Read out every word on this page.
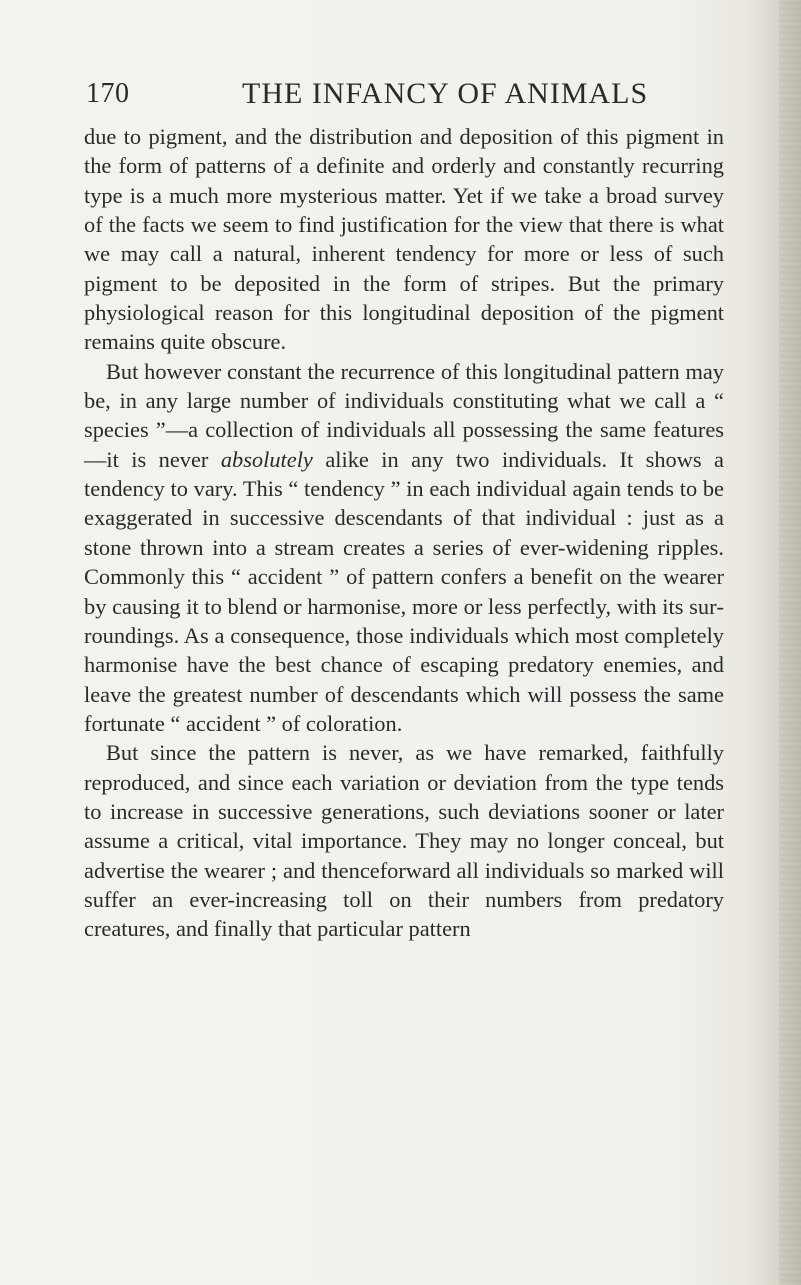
170	THE INFANCY OF ANIMALS

due to pigment, and the distribution and deposition of this pigment in the form of patterns of a definite and orderly and constantly recurring type is a much more mysterious matter. Yet if we take a broad survey of the facts we seem to find justification for the view that there is what we may call a natural, inherent tendency for more or less of such pigment to be deposited in the form of stripes. But the primary physiological reason for this longitudinal deposition of the pigment remains quite obscure.

But however constant the recurrence of this longitudinal pattern may be, in any large number of individuals constituting what we call a “ species ”—a collection of individuals all possessing the same features—it is never absolutely alike in any two individuals. It shows a tendency to vary. This “ tendency ” in each individual again tends to be exaggerated in successive descendants of that individual : just as a stone thrown into a stream creates a series of ever-widening ripples. Commonly this “ accident ” of pattern confers a benefit on the wearer by causing it to blend or harmonise, more or less perfectly, with its surroundings. As a consequence, those individuals which most completely harmonise have the best chance of escaping predatory enemies, and leave the greatest number of descendants which will possess the same fortunate “ accident ” of coloration.

But since the pattern is never, as we have remarked, faithfully reproduced, and since each variation or deviation from the type tends to increase in successive generations, such deviations sooner or later assume a critical, vital importance. They may no longer conceal, but advertise the wearer ; and thenceforward all individuals so marked will suffer an ever-increasing toll on their numbers from predatory creatures, and finally that particular pattern
